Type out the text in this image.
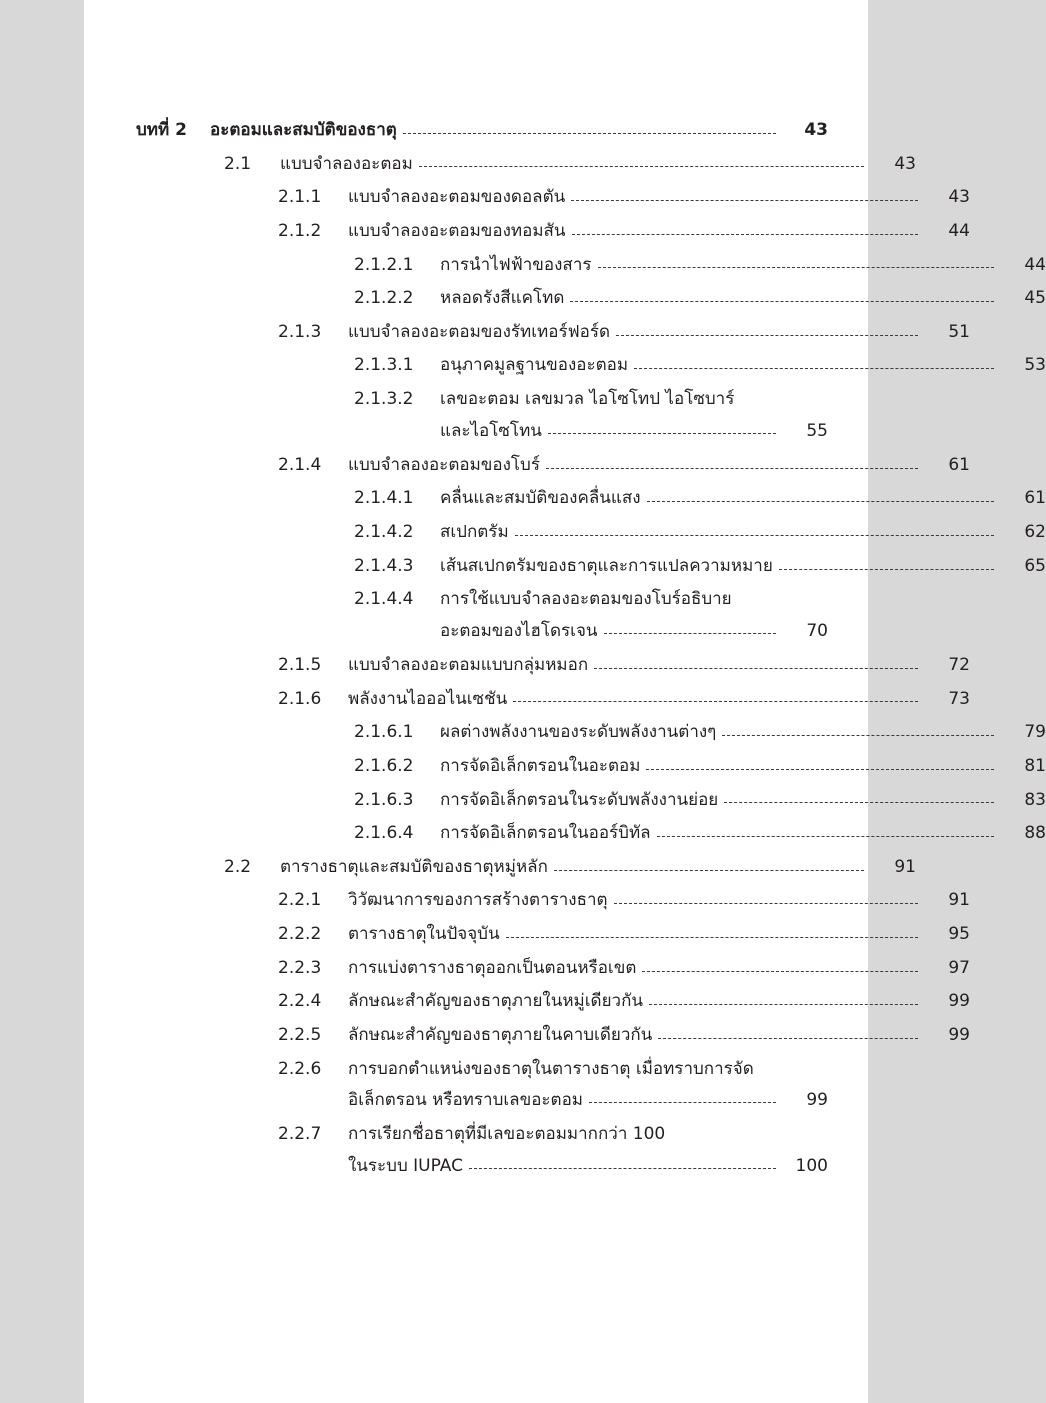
บทที่ 2	อะตอมและสมบัติของธาตุ	43
2.1	แบบจำลองอะตอม	43
2.1.1	แบบจำลองอะตอมของดอลตัน	43
2.1.2	แบบจำลองอะตอมของทอมสัน	44
2.1.2.1	การนำไฟฟ้าของสาร	44
2.1.2.2	หลอดรังสีแคโทด	45
2.1.3	แบบจำลองอะตอมของรัทเทอร์ฟอร์ด	51
2.1.3.1	อนุภาคมูลฐานของอะตอม	53
2.1.3.2	เลขอะตอม เลขมวล ไอโซโทป ไอโซบาร์
และไอโซโทน	55
2.1.4	แบบจำลองอะตอมของโบร์	61
2.1.4.1	คลื่นและสมบัติของคลื่นแสง	61
2.1.4.2	สเปกตรัม	62
2.1.4.3	เส้นสเปกตรัมของธาตุและการแปลความหมาย	65
2.1.4.4	การใช้แบบจำลองอะตอมของโบร์อธิบาย
อะตอมของไฮโดรเจน	70
2.1.5	แบบจำลองอะตอมแบบกลุ่มหมอก	72
2.1.6	พลังงานไอออไนเซชัน	73
2.1.6.1	ผลต่างพลังงานของระดับพลังงานต่างๆ	79
2.1.6.2	การจัดอิเล็กตรอนในอะตอม	81
2.1.6.3	การจัดอิเล็กตรอนในระดับพลังงานย่อย	83
2.1.6.4	การจัดอิเล็กตรอนในออร์บิทัล	88
2.2	ตารางธาตุและสมบัติของธาตุหมู่หลัก	91
2.2.1	วิวัฒนาการของการสร้างตารางธาตุ	91
2.2.2	ตารางธาตุในปัจจุบัน	95
2.2.3	การแบ่งตารางธาตุออกเป็นตอนหรือเขต	97
2.2.4	ลักษณะสำคัญของธาตุภายในหมู่เดียวกัน	99
2.2.5	ลักษณะสำคัญของธาตุภายในคาบเดียวกัน	99
2.2.6	การบอกตำแหน่งของธาตุในตารางธาตุ เมื่อทราบการจัด
อิเล็กตรอน หรือทราบเลขอะตอม	99
2.2.7	การเรียกชื่อธาตุที่มีเลขอะตอมมากกว่า 100
ในระบบ IUPAC	100
